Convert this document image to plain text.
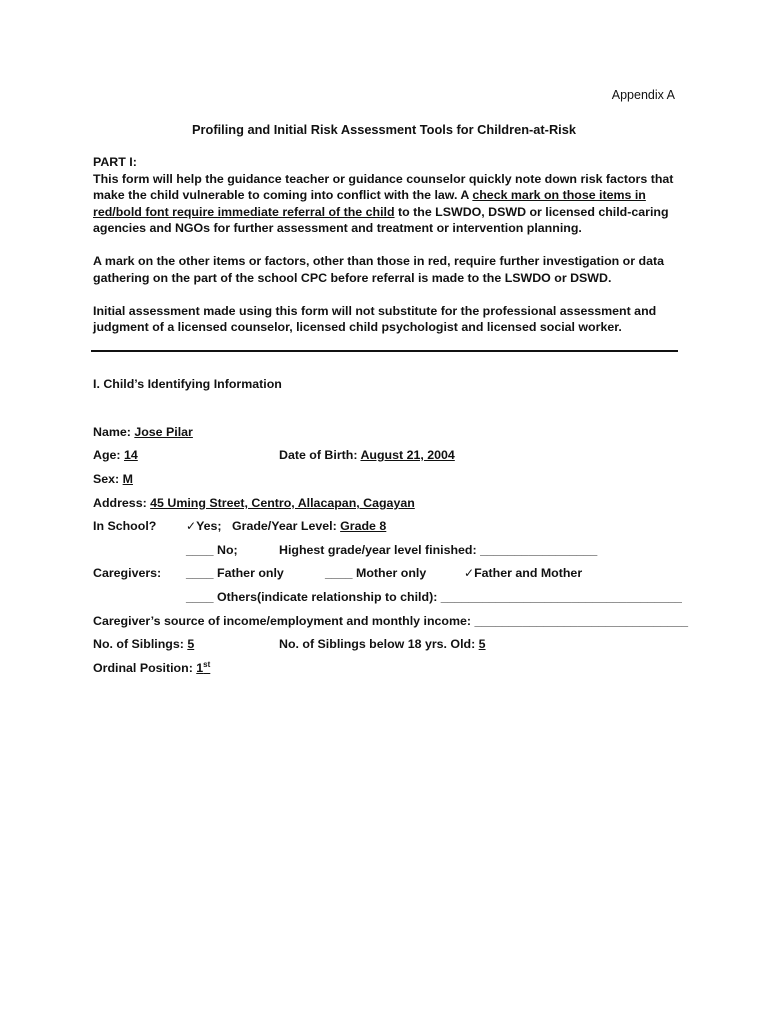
Appendix A
Profiling and Initial Risk Assessment Tools for Children-at-Risk

PART I:

This form will help the guidance teacher or guidance counselor quickly note down risk factors that make the child vulnerable to coming into conflict with the law. A check mark on those items in red/bold font require immediate referral of the child to the LSWDO, DSWD or licensed child-caring agencies and NGOs for further assessment and treatment or intervention planning.

A mark on the other items or factors, other than those in red, require further investigation or data gathering on the part of the school CPC before referral is made to the LSWDO or DSWD.

Initial assessment made using this form will not substitute for the professional assessment and judgment of a licensed counselor, licensed child psychologist and licensed social worker.

I. Child’s Identifying Information
Name: Jose Pilar
Age: 14	Date of Birth: August 21, 2004
Sex: M
Address: 45 Uming Street, Centro, Allacapan, Cagayan
In School? ✓Yes; Grade/Year Level: Grade 8
____ No;	Highest grade/year level finished: _________________
Caregivers: ____ Father only	____ Mother only	✓Father and Mother
____ Others(indicate relationship to child): ___________________________________
Caregiver’s source of income/employment and monthly income: _______________________________
No. of Siblings: 5	No. of Siblings below 18 yrs. Old: 5
Ordinal Position: 1st
